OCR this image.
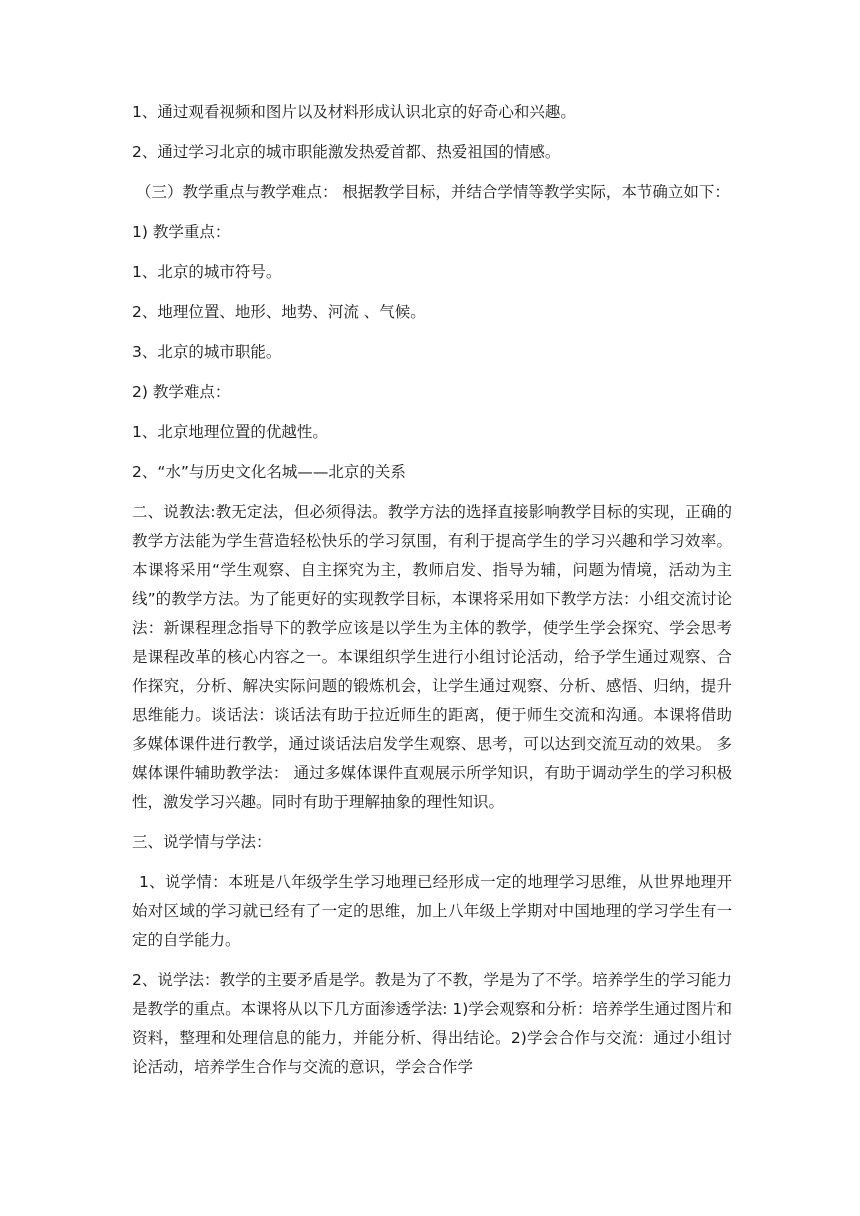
1、通过观看视频和图片以及材料形成认识北京的好奇心和兴趣。

2、通过学习北京的城市职能激发热爱首都、热爱祖国的情感。

（三）教学重点与教学难点： 根据教学目标，并结合学情等教学实际，本节确立如下：

1) 教学重点：

1、北京的城市符号。

2、地理位置、地形、地势、河流 、气候。

3、北京的城市职能。

2) 教学难点：

1、北京地理位置的优越性。

2、“水”与历史文化名城——北京的关系

二、说教法:教无定法，但必须得法。教学方法的选择直接影响教学目标的实现，正确的教学方法能为学生营造轻松快乐的学习氛围，有利于提高学生的学习兴趣和学习效率。本课将采用“学生观察、自主探究为主，教师启发、指导为辅，问题为情境，活动为主线”的教学方法。为了能更好的实现教学目标，本课将采用如下教学方法：小组交流讨论法：新课程理念指导下的教学应该是以学生为主体的教学，使学生学会探究、学会思考是课程改革的核心内容之一。本课组织学生进行小组讨论活动，给予学生通过观察、合作探究，分析、解决实际问题的锻炼机会，让学生通过观察、分析、感悟、归纳，提升思维能力。谈话法：谈话法有助于拉近师生的距离，便于师生交流和沟通。本课将借助多媒体课件进行教学，通过谈话法启发学生观察、思考，可以达到交流互动的效果。 多媒体课件辅助教学法： 通过多媒体课件直观展示所学知识，有助于调动学生的学习积极性，激发学习兴趣。同时有助于理解抽象的理性知识。

三、说学情与学法：

1、说学情：本班是八年级学生学习地理已经形成一定的地理学习思维，从世界地理开始对区域的学习就已经有了一定的思维，加上八年级上学期对中国地理的学习学生有一定的自学能力。

2、说学法：教学的主要矛盾是学。教是为了不教，学是为了不学。培养学生的学习能力是教学的重点。本课将从以下几方面渗透学法: 1)学会观察和分析：培养学生通过图片和资料，整理和处理信息的能力，并能分析、得出结论。2)学会合作与交流：通过小组讨论活动，培养学生合作与交流的意识，学会合作学
